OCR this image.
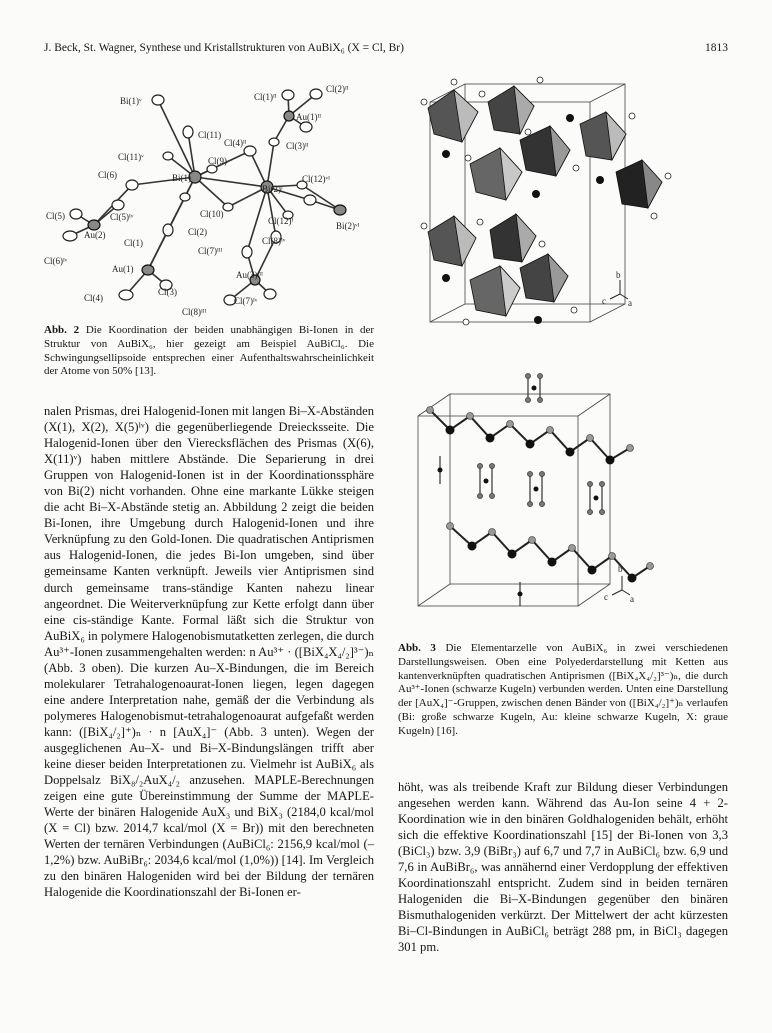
J. Beck, St. Wagner, Synthese und Kristallstrukturen von AuBiX₆ (X = Cl, Br)	1813
Bi(1)ᵛ	Cl(1)ᴵᴵ
Cl(2)ᴵᴵ
Au(1)ᴵᴵ
Cl(11)
Cl(4)ᴵᴵ	Cl(3)ᴵᴵ
Cl(11)ᵛ	Cl(9)
Cl(6)	Bi(1)
Bi(2)ᴵ
Cl(12)ᵛᴵ
Cl(5)	Cl(5)ᴵᵛ	Cl(10)
Cl(12)ᴵ	Bi(2)ᵛᴵ
Au(2)	Cl(2)
Cl(1)
Cl(7)ᴵᴵᴵ
Cl(8)ᴵᵛ
Cl(6)ᴵᵛ
Au(1)
Au(3)ᴵᴵᴵ
Cl(4)
Cl(3)
Cl(7)ᴵᵛ
Cl(8)ᴵᴵᴵ
Abb. 2 Die Koordination der beiden unabhängigen Bi-Ionen in der Struktur von AuBiX₆, hier gezeigt am Beispiel AuBiCl₆. Die Schwingungsellipsoide entsprechen einer Aufenthaltswahrscheinlichkeit der Atome von 50% [13].
b
c a
b
c a
Abb. 3 Die Elementarzelle von AuBiX₆ in zwei verschiedenen Darstellungsweisen. Oben eine Polyederdarstellung mit Ketten aus kantenverknüpften quadratischen Antiprismen ([BiX₄X₄/₂]³⁻)ₙ, die durch Au³⁺-Ionen (schwarze Kugeln) verbunden werden. Unten eine Darstellung der [AuX₄]⁻-Gruppen, zwischen denen Bänder von ([BiX₄/₂]⁺)ₙ verlaufen (Bi: große schwarze Kugeln, Au: kleine schwarze Kugeln, X: graue Kugeln) [16].

nalen Prismas, drei Halogenid-Ionen mit langen Bi–X-Abständen (X(1), X(2), X(5)ᴵᵛ) die gegenüberliegende Dreiecksseite. Die Halogenid-Ionen über den Vierecksflächen des Prismas (X(6), X(11)ᵛ) haben mittlere Abstände. Die Separierung in drei Gruppen von Halogenid-Ionen ist in der Koordinationssphäre von Bi(2) nicht vorhanden. Ohne eine markante Lükke steigen die acht Bi–X-Abstände stetig an. Abbildung 2 zeigt die beiden Bi-Ionen, ihre Umgebung durch Halogenid-Ionen und ihre Verknüpfung zu den Gold-Ionen. Die quadratischen Antiprismen aus Halogenid-Ionen, die jedes Bi-Ion umgeben, sind über gemeinsame Kanten verknüpft. Jeweils vier Antiprismen sind durch gemeinsame trans-ständige Kanten nahezu linear angeordnet. Die Weiterverknüpfung zur Kette erfolgt dann über eine cis-ständige Kante. Formal läßt sich die Struktur von AuBiX₆ in polymere Halogenobismutatketten zerlegen, die durch Au³⁺-Ionen zusammengehalten werden: n Au³⁺ · ([BiX₄X₄/₂]³⁻)ₙ (Abb. 3 oben). Die kurzen Au–X-Bindungen, die im Bereich molekularer Tetrahalogenoaurat-Ionen liegen, legen dagegen eine andere Interpretation nahe, gemäß der die Verbindung als polymeres Halogenobismut-tetrahalogenoaurat aufgefaßt werden kann: ([BiX₄/₂]⁺)ₙ · n [AuX₄]⁻ (Abb. 3 unten). Wegen der ausgeglichenen Au–X- und Bi–X-Bindungslängen trifft aber keine dieser beiden Interpretationen zu. Vielmehr ist AuBiX₆ als Doppelsalz BiX₈/₂AuX₄/₂ anzusehen. MAPLE-Berechnungen zeigen eine gute Übereinstimmung der Summe der MAPLE-Werte der binären Halogenide AuX₃ und BiX₃ (2184,0 kcal/mol (X = Cl) bzw. 2014,7 kcal/mol (X = Br)) mit den berechneten Werten der ternären Verbindungen (AuBiCl₆: 2156,9 kcal/mol (–1,2%) bzw. AuBiBr₆: 2034,6 kcal/mol (1,0%)) [14]. Im Vergleich zu den binären Halogeniden wird bei der Bildung der ternären Halogenide die Koordinationszahl der Bi-Ionen er-

höht, was als treibende Kraft zur Bildung dieser Verbindungen angesehen werden kann. Während das Au-Ion seine 4 + 2-Koordination wie in den binären Goldhalogeniden behält, erhöht sich die effektive Koordinationszahl [15] der Bi-Ionen von 3,3 (BiCl₃) bzw. 3,9 (BiBr₃) auf 6,7 und 7,7 in AuBiCl₆ bzw. 6,9 und 7,6 in AuBiBr₆, was annähernd einer Verdopplung der effektiven Koordinationszahl entspricht. Zudem sind in beiden ternären Halogeniden die Bi–X-Bindungen gegenüber den binären Bismuthalogeniden verkürzt. Der Mittelwert der acht kürzesten Bi–Cl-Bindungen in AuBiCl₆ beträgt 288 pm, in BiCl₃ dagegen 301 pm.
